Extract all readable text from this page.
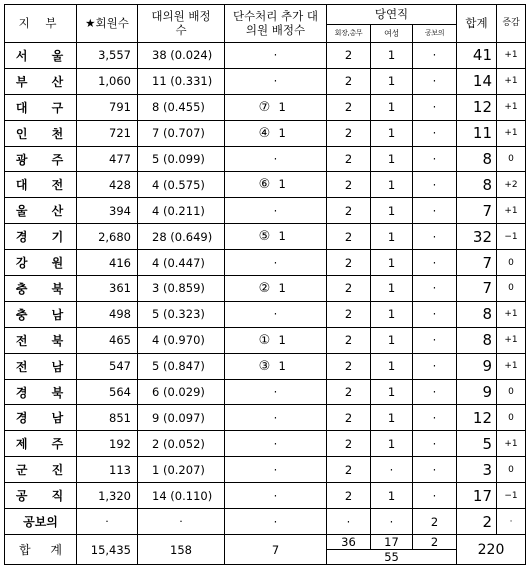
지 부	★회원수	대의원 배정수	단수처리 추가 대의원 배정수	당연직			합계	증감
				회장,총무	여성	공보의		
서 울	3,557	38 (0.024)	·	2	1	·	41	+1
부 산	1,060	11 (0.331)	·	2	1	·	14	+1
대 구	791	8 (0.455)	⑦ 1	2	1	·	12	+1
인 천	721	7 (0.707)	④ 1	2	1	·	11	+1
광 주	477	5 (0.099)	·	2	1	·	8	0
대 전	428	4 (0.575)	⑥ 1	2	1	·	8	+2
울 산	394	4 (0.211)	·	2	1	·	7	+1
경 기	2,680	28 (0.649)	⑤ 1	2	1	·	32	−1
강 원	416	4 (0.447)	·	2	1	·	7	0
충 북	361	3 (0.859)	② 1	2	1	·	7	0
충 남	498	5 (0.323)	·	2	1	·	8	+1
전 북	465	4 (0.970)	① 1	2	1	·	8	+1
전 남	547	5 (0.847)	③ 1	2	1	·	9	+1
경 북	564	6 (0.029)	·	2	1	·	9	0
경 남	851	9 (0.097)	·	2	1	·	12	0
제 주	192	2 (0.052)	·	2	1	·	5	+1
군 진	113	1 (0.207)	·	2	·	·	3	0
공 직	1,320	14 (0.110)	·	2	1	·	17	−1
공보의	·	·	·	·	·	2	2	·
합 계	15,435	158	7	36	17	2	220	
				55				
